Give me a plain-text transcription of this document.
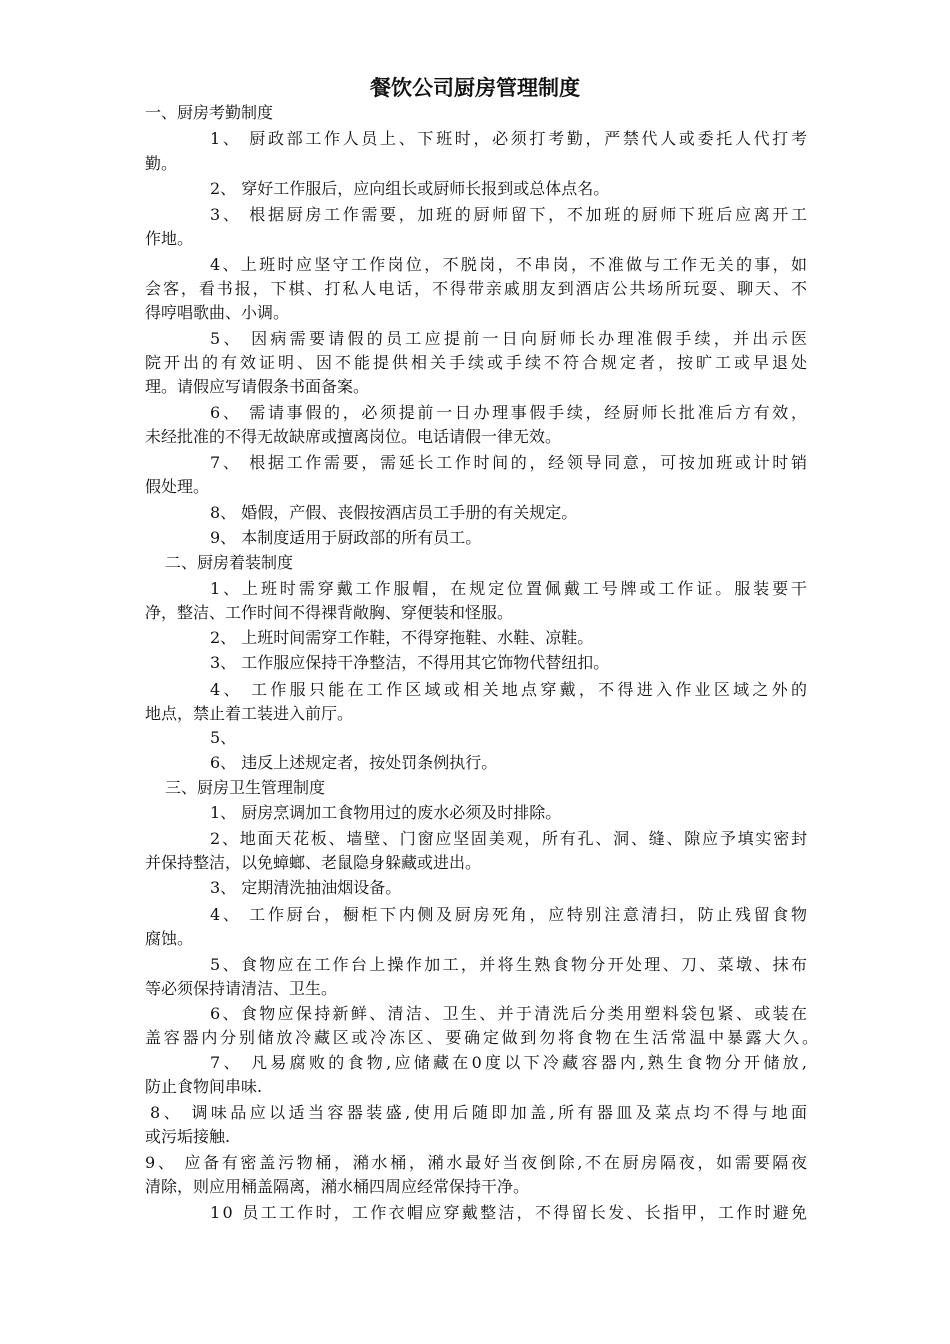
餐饮公司厨房管理制度
一、厨房考勤制度
1、 厨政部工作人员上、下班时，必须打考勤，严禁代人或委托人代打考
勤。
2、 穿好工作服后，应向组长或厨师长报到或总体点名。
3、 根据厨房工作需要，加班的厨师留下，不加班的厨师下班后应离开工
作地。
4、上班时应坚守工作岗位，不脱岗，不串岗，不准做与工作无关的事，如
会客，看书报，下棋、打私人电话，不得带亲戚朋友到酒店公共场所玩耍、聊天、不
得哼唱歌曲、小调。
5、 因病需要请假的员工应提前一日向厨师长办理准假手续，并出示医
院开出的有效证明、因不能提供相关手续或手续不符合规定者，按旷工或早退处
理。请假应写请假条书面备案。
6、 需请事假的，必须提前一日办理事假手续，经厨师长批准后方有效，
未经批准的不得无故缺席或擅离岗位。电话请假一律无效。
7、 根据工作需要，需延长工作时间的，经领导同意，可按加班或计时销
假处理。
8、 婚假，产假、丧假按酒店员工手册的有关规定。
9、 本制度适用于厨政部的所有员工。
二、厨房着装制度
1、上班时需穿戴工作服帽，在规定位置佩戴工号牌或工作证。服装要干
净，整洁、工作时间不得裸背敞胸、穿便装和怪服。
2、 上班时间需穿工作鞋，不得穿拖鞋、水鞋、凉鞋。
3、 工作服应保持干净整洁，不得用其它饰物代替纽扣。
4、 工作服只能在工作区域或相关地点穿戴，不得进入作业区域之外的
地点，禁止着工装进入前厅。
5、
6、 违反上述规定者，按处罚条例执行。
三、厨房卫生管理制度
1、 厨房烹调加工食物用过的废水必须及时排除。
2、地面天花板、墙壁、门窗应坚固美观，所有孔、洞、缝、隙应予填实密封
并保持整洁，以免蟑螂、老鼠隐身躲藏或进出。
3、 定期清洗抽油烟设备。
4、 工作厨台，橱柜下内侧及厨房死角，应特别注意清扫，防止残留食物
腐蚀。
5、食物应在工作台上操作加工，并将生熟食物分开处理、刀、菜墩、抹布
等必须保持请清洁、卫生。
6、食物应保持新鲜、清洁、卫生、并于清洗后分类用塑料袋包紧、或装在
盖容器内分别储放冷藏区或冷冻区、要确定做到勿将食物在生活常温中暴露大久。
7、 凡易腐败的食物,应储藏在0度以下冷藏容器内,熟生食物分开储放,
防止食物间串味.
8、 调味品应以适当容器装盛,使用后随即加盖,所有器皿及菜点均不得与地面
或污垢接触.
9、 应备有密盖污物桶，潲水桶，潲水最好当夜倒除,不在厨房隔夜，如需要隔夜
清除，则应用桶盖隔离，潲水桶四周应经常保持干净。
10 员工工作时，工作衣帽应穿戴整洁，不得留长发、长指甲，工作时避免
